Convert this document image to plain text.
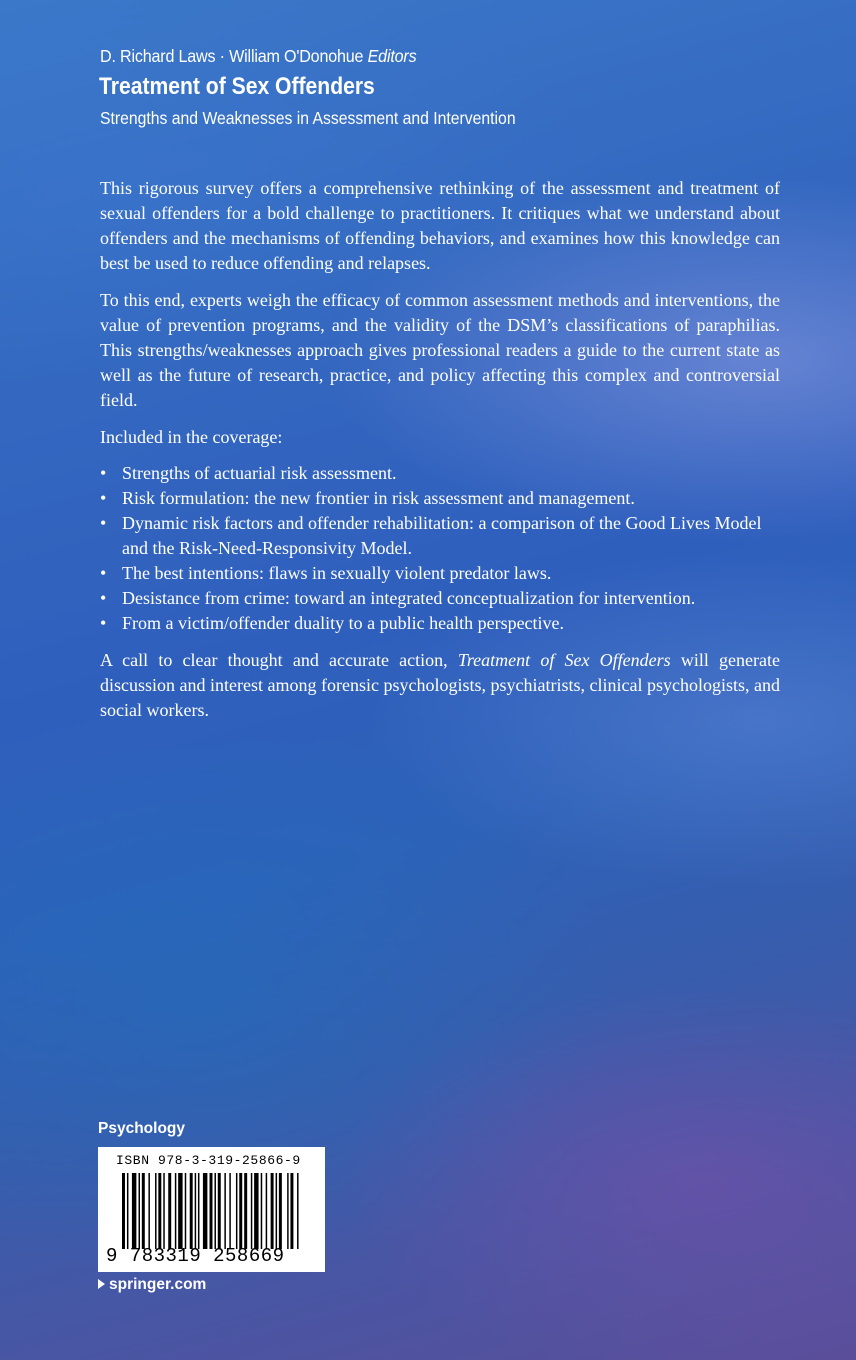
D. Richard Laws · William O'Donohue Editors
Treatment of Sex Offenders
Strengths and Weaknesses in Assessment and Intervention

This rigorous survey offers a comprehensive rethinking of the assessment and treatment of sexual offenders for a bold challenge to practitioners. It critiques what we understand about offenders and the mechanisms of offending behaviors, and examines how this knowledge can best be used to reduce offending and relapses.

To this end, experts weigh the efficacy of common assessment methods and interventions, the value of prevention programs, and the validity of the DSM’s classifications of paraphilias. This strengths/weaknesses approach gives professional readers a guide to the current state as well as the future of research, practice, and policy affecting this complex and controversial field.

Included in the coverage:

• Strengths of actuarial risk assessment.
• Risk formulation: the new frontier in risk assessment and management.
• Dynamic risk factors and offender rehabilitation: a comparison of the Good Lives Model and the Risk-Need-Responsivity Model.
• The best intentions: flaws in sexually violent predator laws.
• Desistance from crime: toward an integrated conceptualization for intervention.
• From a victim/offender duality to a public health perspective.

A call to clear thought and accurate action, Treatment of Sex Offenders will generate discussion and interest among forensic psychologists, psychiatrists, clinical psychologists, and social workers.

Psychology
ISBN 978-3-319-25866-9
9 783319 258669
springer.com
